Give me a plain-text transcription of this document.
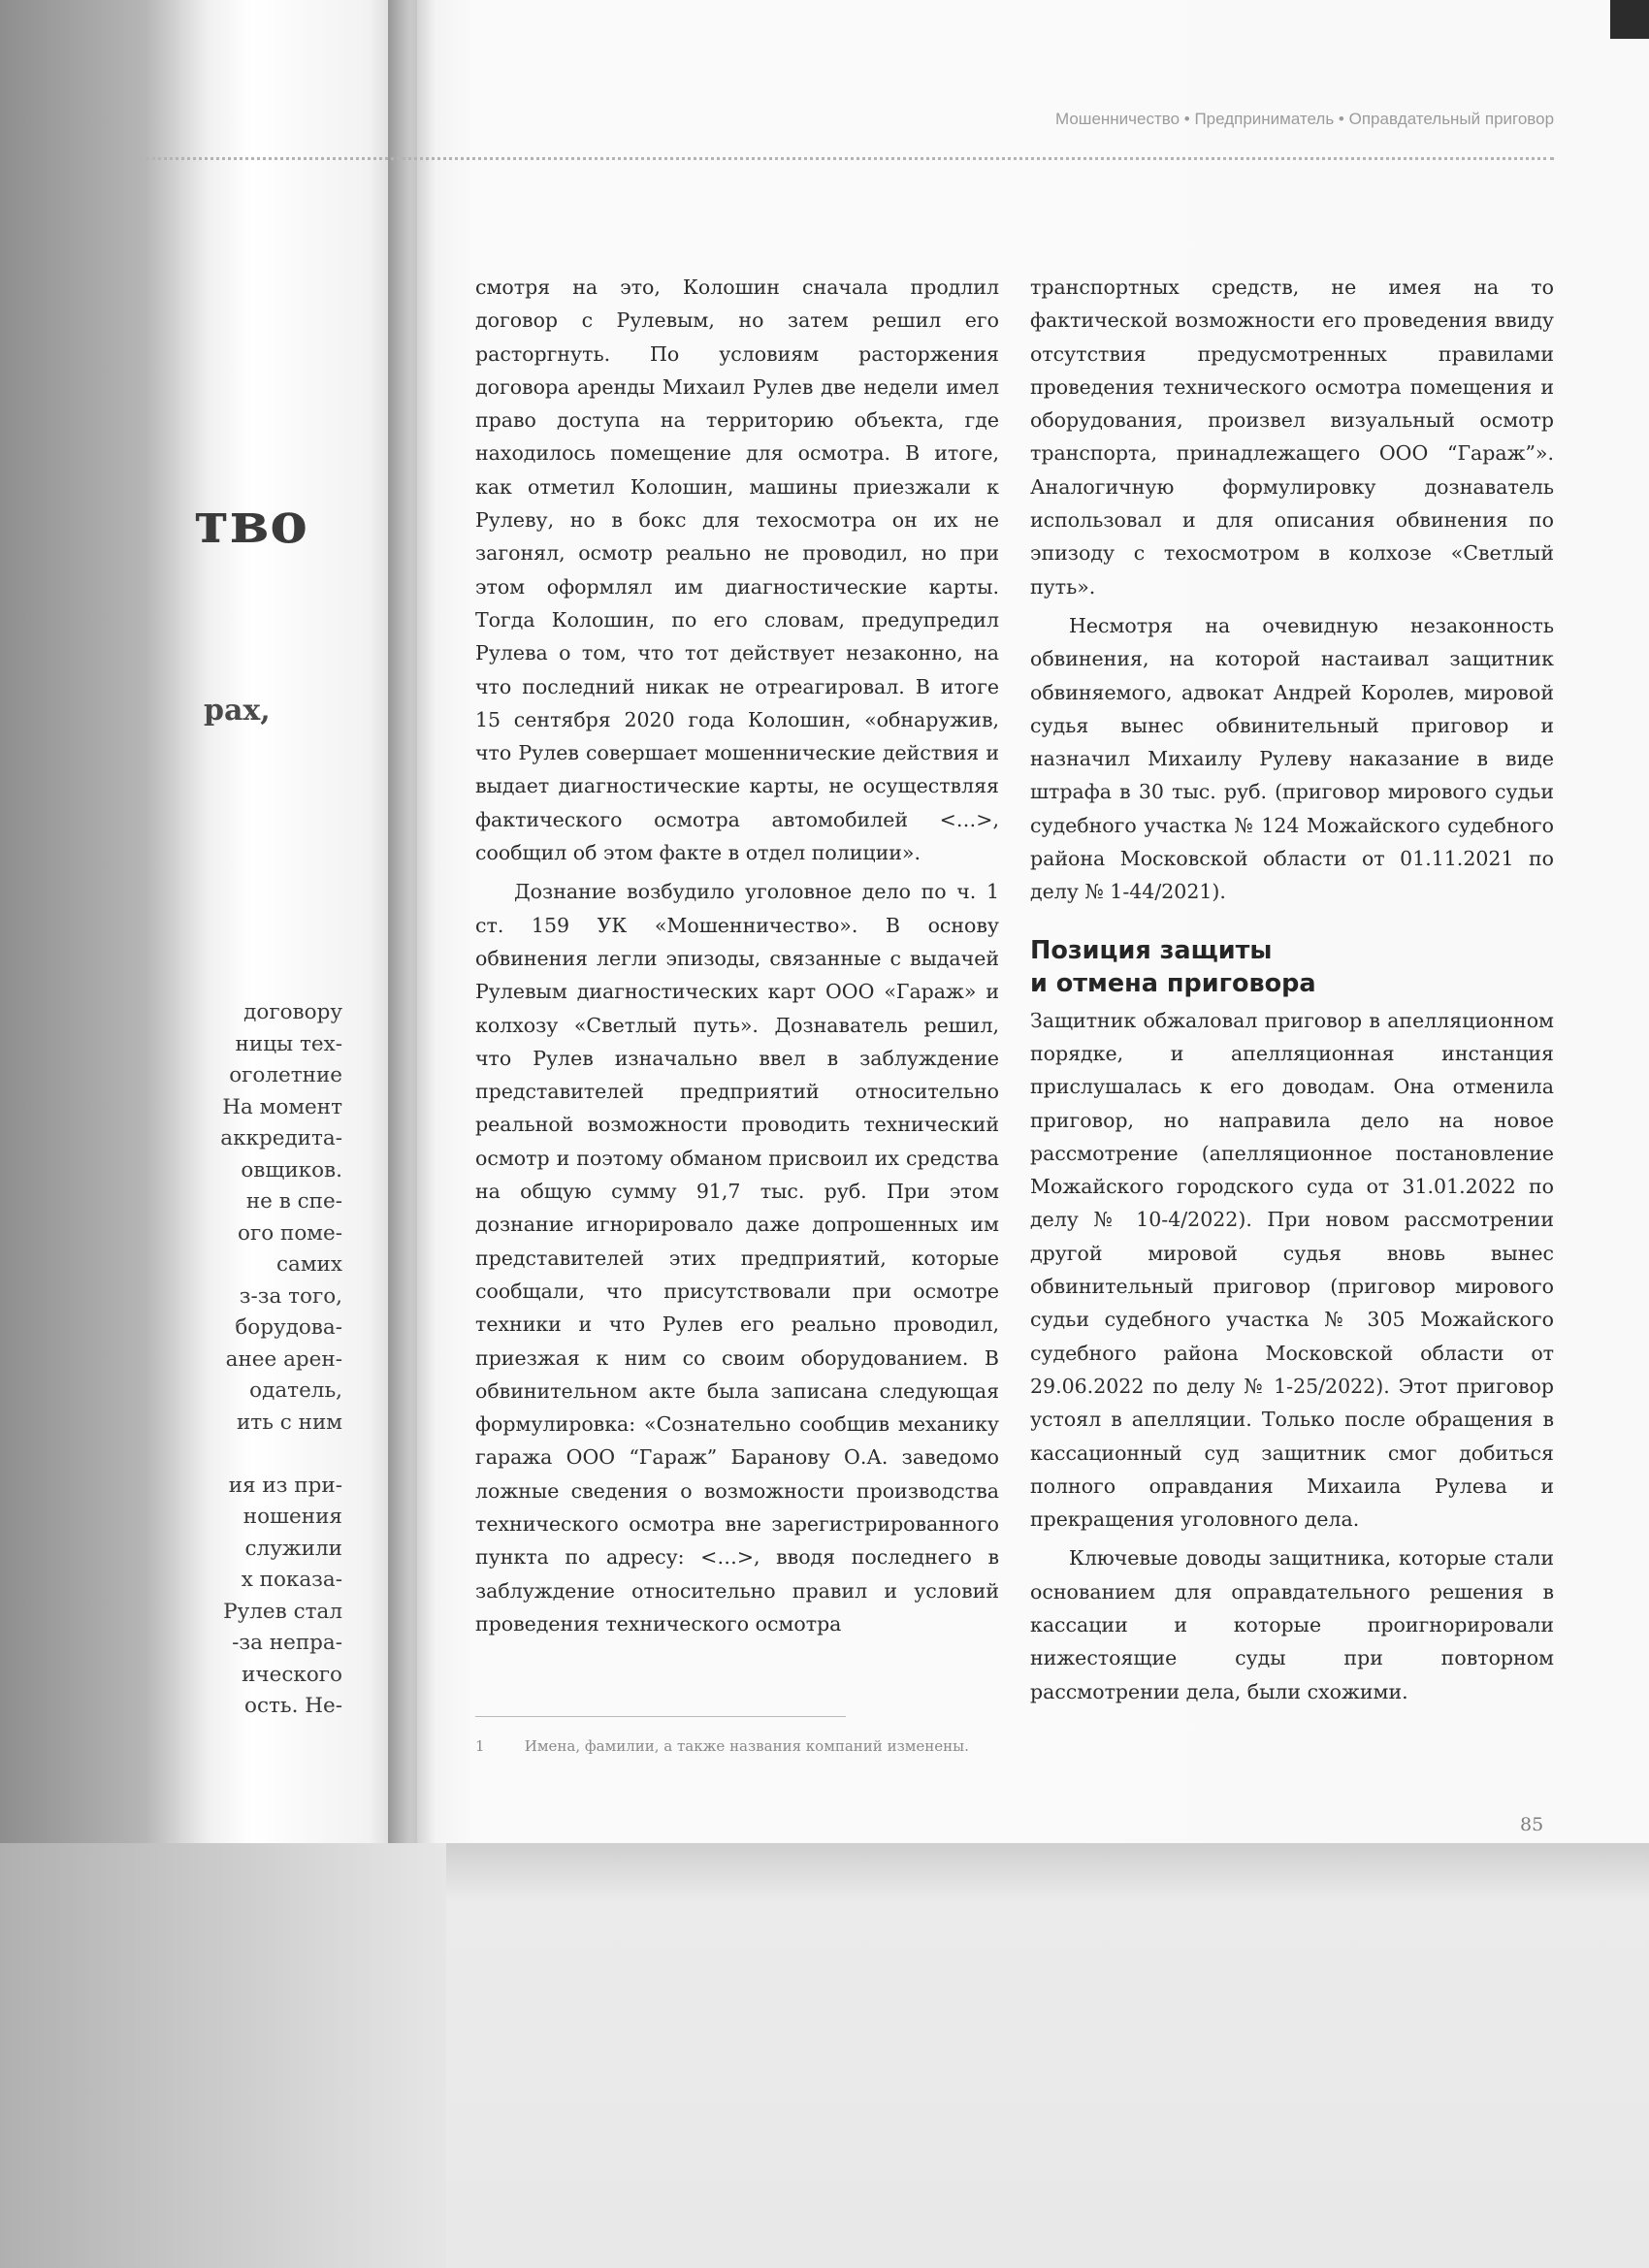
тво
рах,
договору
ницы тех-
оголетние
На момент
аккредита-
овщиков.
не в спе-
ого поме-
самих
з-за того,
борудова-
анее арен-
одатель,
ить с ним
ия из при-
ношения
служили
х показа-
Рулев стал
-за непра-
ического
ость. Не-
Мошенничество • Предприниматель • Оправдательный приговор

смотря на это, Колошин сначала продлил договор с Рулевым, но затем решил его расторгнуть. По условиям расторжения договора аренды Михаил Рулев две недели имел право доступа на территорию объекта, где находилось помещение для осмотра. В итоге, как отметил Колошин, машины приезжали к Рулеву, но в бокс для техосмотра он их не загонял, осмотр реально не проводил, но при этом оформлял им диагностические карты. Тогда Колошин, по его словам, предупредил Рулева о том, что тот действует незаконно, на что последний никак не отреагировал. В итоге 15 сентября 2020 года Колошин, «обнаружив, что Рулев совершает мошеннические действия и выдает диагностические карты, не осуществляя фактического осмотра автомобилей <…>, сообщил об этом факте в отдел полиции».

Дознание возбудило уголовное дело по ч. 1 ст. 159 УК «Мошенничество». В основу обвинения легли эпизоды, связанные с выдачей Рулевым диагностических карт ООО «Гараж» и колхозу «Светлый путь». Дознаватель решил, что Рулев изначально ввел в заблуждение представителей предприятий относительно реальной возможности проводить технический осмотр и поэтому обманом присвоил их средства на общую сумму 91,7 тыс. руб. При этом дознание игнорировало даже допрошенных им представителей этих предприятий, которые сообщали, что присутствовали при осмотре техники и что Рулев его реально проводил, приезжая к ним со своим оборудованием. В обвинительном акте была записана следующая формулировка: «Сознательно сообщив механику гаража ООО “Гараж” Баранову О.А. заведомо ложные сведения о возможности производства технического осмотра вне зарегистрированного пункта по адресу: <…>, вводя последнего в заблуждение относительно правил и условий проведения технического осмотра

транспортных средств, не имея на то фактической возможности его проведения ввиду отсутствия предусмотренных правилами проведения технического осмотра помещения и оборудования, произвел визуальный осмотр транспорта, принадлежащего ООО “Гараж”». Аналогичную формулировку дознаватель использовал и для описания обвинения по эпизоду с техосмотром в колхозе «Светлый путь».

Несмотря на очевидную незаконность обвинения, на которой настаивал защитник обвиняемого, адвокат Андрей Королев, мировой судья вынес обвинительный приговор и назначил Михаилу Рулеву наказание в виде штрафа в 30 тыс. руб. (приговор мирового судьи судебного участка № 124 Можайского судебного района Московской области от 01.11.2021 по делу № 1-44/2021).

Позиция защиты
и отмена приговора

Защитник обжаловал приговор в апелляционном порядке, и апелляционная инстанция прислушалась к его доводам. Она отменила приговор, но направила дело на новое рассмотрение (апелляционное постановление Можайского городского суда от 31.01.2022 по делу № 10-4/2022). При новом рассмотрении другой мировой судья вновь вынес обвинительный приговор (приговор мирового судьи судебного участка № 305 Можайского судебного района Московской области от 29.06.2022 по делу № 1-25/2022). Этот приговор устоял в апелляции. Только после обращения в кассационный суд защитник смог добиться полного оправдания Михаила Рулева и прекращения уголовного дела.

Ключевые доводы защитника, которые стали основанием для оправдательного решения в кассации и которые проигнорировали нижестоящие суды при повторном рассмотрении дела, были схожими.

1	Имена, фамилии, а также названия компаний изменены.
85
